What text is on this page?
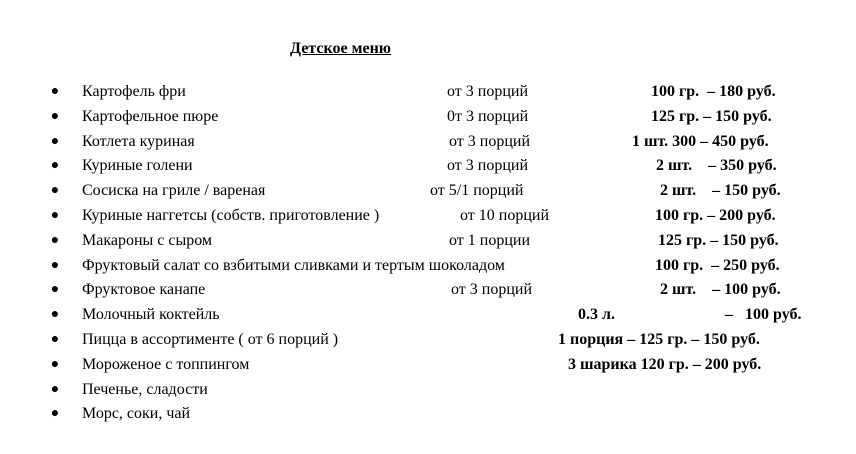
Детское меню
● Картофель фри	от 3 порций	100 гр.  – 180 руб.
● Картофельное пюре	0т 3 порций	125 гр. – 150 руб.
● Котлета куриная	от 3 порций	1 шт. 300 – 450 руб.
● Куриные голени	от 3 порций	2 шт.    – 350 руб.
● Сосиска на гриле / вареная	от 5/1 порций	2 шт.    – 150 руб.
● Куриные наггетсы (собств. приготовление )	от 10 порций	100 гр. – 200 руб.
● Макароны с сыром	от 1 порции	125 гр. – 150 руб.
● Фруктовый салат со взбитыми сливками и тертым шоколадом	100 гр.  – 250 руб.
● Фруктовое канапе	от 3 порций	2 шт.    – 100 руб.
● Молочный коктейль	0.3 л.	–   100 руб.
● Пицца в ассортименте ( от 6 порций )	1 порция – 125 гр. – 150 руб.
● Мороженое с топпингом	3 шарика 120 гр. – 200 руб.
● Печенье, сладости
● Морс, соки, чай
